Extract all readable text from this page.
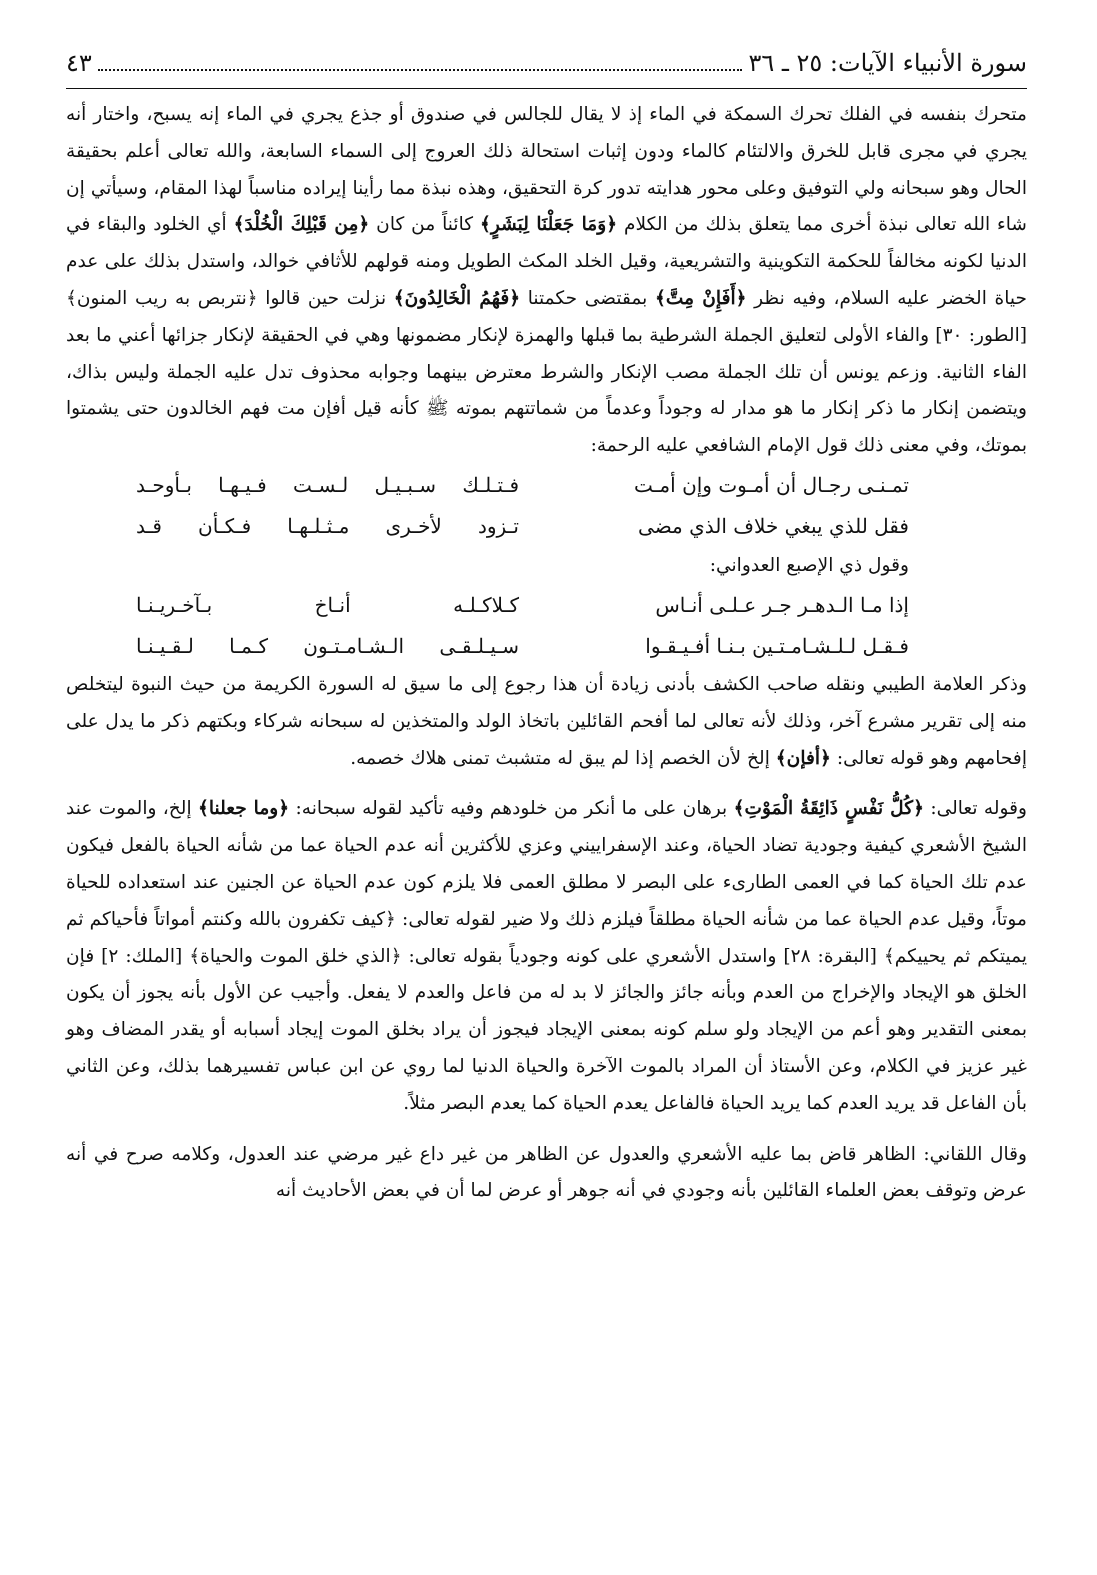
سورة الأنبياء الآيات: ٢٥ ـ ٣٦
٤٣

متحرك بنفسه في الفلك تحرك السمكة في الماء إذ لا يقال للجالس في صندوق أو جذع يجري في الماء إنه يسبح، واختار أنه يجري في مجرى قابل للخرق والالتئام كالماء ودون إثبات استحالة ذلك العروج إلى السماء السابعة، والله تعالى أعلم بحقيقة الحال وهو سبحانه ولي التوفيق وعلى محور هدايته تدور كرة التحقيق، وهذه نبذة مما رأينا إيراده مناسباً لهذا المقام، وسيأتي إن شاء الله تعالى نبذة أخرى مما يتعلق بذلك من الكلام ﴿وَمَا جَعَلْنَا لِبَشَرٍ﴾ كائناً من كان ﴿مِن قَبْلِكَ الْخُلْدَ﴾ أي الخلود والبقاء في الدنيا لكونه مخالفاً للحكمة التكوينية والتشريعية، وقيل الخلد المكث الطويل ومنه قولهم للأثافي خوالد، واستدل بذلك على عدم حياة الخضر عليه السلام، وفيه نظر ﴿أَفَإِنْ مِتَّ﴾ بمقتضى حكمتنا ﴿فَهُمُ الْخَالِدُونَ﴾ نزلت حين قالوا ﴿نتربص به ريب المنون﴾ [الطور: ٣٠] والفاء الأولى لتعليق الجملة الشرطية بما قبلها والهمزة لإنكار مضمونها وهي في الحقيقة لإنكار جزائها أعني ما بعد الفاء الثانية. وزعم يونس أن تلك الجملة مصب الإنكار والشرط معترض بينهما وجوابه محذوف تدل عليه الجملة وليس بذاك، ويتضمن إنكار ما ذكر إنكار ما هو مدار له وجوداً وعدماً من شماتتهم بموته ﷺ كأنه قيل أفإن مت فهم الخالدون حتى يشمتوا بموتك، وفي معنى ذلك قول الإمام الشافعي عليه الرحمة:

تمـنـى رجـال أن أمـوت وإن أمـت
فـتـلـك سـبـيـل لـسـت فـيـهـا بـأوحـد
فقل للذي يبغي خلاف الذي مضى
تـزود لأخـرى مـثـلـهـا فـكـأن قـد
وقول ذي الإصبع العدواني:
إذا مـا الـدهـر جـر عـلـى أنـاس
كـلاكـلـه أنـاخ بـآخـريـنـا
فـقـل لـلـشـامـتـين بـنـا أفـيـقـوا
سـيـلـقـى الـشـامـتـون كـمـا لـقـيـنـا

وذكر العلامة الطيبي ونقله صاحب الكشف بأدنى زيادة أن هذا رجوع إلى ما سيق له السورة الكريمة من حيث النبوة ليتخلص منه إلى تقرير مشرع آخر، وذلك لأنه تعالى لما أفحم القائلين باتخاذ الولد والمتخذين له سبحانه شركاء وبكتهم ذكر ما يدل على إفحامهم وهو قوله تعالى: ﴿أفإن﴾ إلخ لأن الخصم إذا لم يبق له متشبث تمنى هلاك خصمه.

وقوله تعالى: ﴿كُلُّ نَفْسٍ ذَائِقَةُ الْمَوْتِ﴾ برهان على ما أنكر من خلودهم وفيه تأكيد لقوله سبحانه: ﴿وما جعلنا﴾ إلخ، والموت عند الشيخ الأشعري كيفية وجودية تضاد الحياة، وعند الإسفراييني وعزي للأكثرين أنه عدم الحياة عما من شأنه الحياة بالفعل فيكون عدم تلك الحياة كما في العمى الطارىء على البصر لا مطلق العمى فلا يلزم كون عدم الحياة عن الجنين عند استعداده للحياة موتاً، وقيل عدم الحياة عما من شأنه الحياة مطلقاً فيلزم ذلك ولا ضير لقوله تعالى: ﴿كيف تكفرون بالله وكنتم أمواتاً فأحياكم ثم يميتكم ثم يحييكم﴾ [البقرة: ٢٨] واستدل الأشعري على كونه وجودياً بقوله تعالى: ﴿الذي خلق الموت والحياة﴾ [الملك: ٢] فإن الخلق هو الإيجاد والإخراج من العدم وبأنه جائز والجائز لا بد له من فاعل والعدم لا يفعل. وأجيب عن الأول بأنه يجوز أن يكون بمعنى التقدير وهو أعم من الإيجاد ولو سلم كونه بمعنى الإيجاد فيجوز أن يراد بخلق الموت إيجاد أسبابه أو يقدر المضاف وهو غير عزيز في الكلام، وعن الأستاذ أن المراد بالموت الآخرة والحياة الدنيا لما روي عن ابن عباس تفسيرهما بذلك، وعن الثاني بأن الفاعل قد يريد العدم كما يريد الحياة فالفاعل يعدم الحياة كما يعدم البصر مثلاً.

وقال اللقاني: الظاهر قاض بما عليه الأشعري والعدول عن الظاهر من غير داع غير مرضي عند العدول، وكلامه صرح في أنه عرض وتوقف بعض العلماء القائلين بأنه وجودي في أنه جوهر أو عرض لما أن في بعض الأحاديث أنه
